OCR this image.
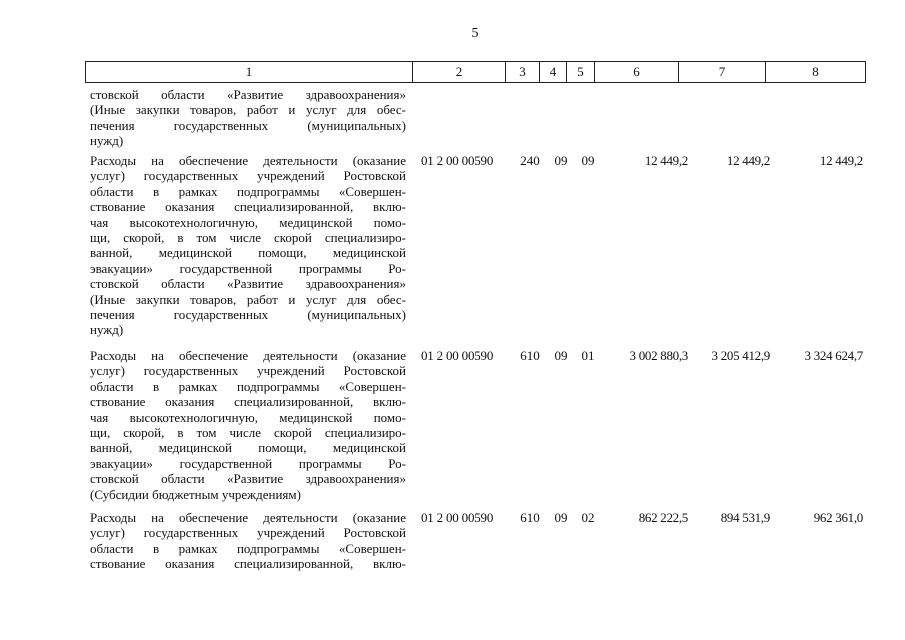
5
1	2	3	4	5	6	7	8
стовской области «Развитие здравоохранения»
(Иные закупки товаров, работ и услуг для обес-
печения государственных (муниципальных)
нужд)
Расходы на обеспечение деятельности (оказание
услуг) государственных учреждений Ростовской
области в рамках подпрограммы «Совершен-
ствование оказания специализированной, вклю-
чая высокотехнологичную, медицинской помо-
щи, скорой, в том числе скорой специализиро-
ванной, медицинской помощи, медицинской
эвакуации» государственной программы Ро-
стовской области «Развитие здравоохранения»
(Иные закупки товаров, работ и услуг для обес-
печения государственных (муниципальных)
нужд)
01 2 00 00590	240	09 09	12 449,2	12 449,2	12 449,2
Расходы на обеспечение деятельности (оказание
услуг) государственных учреждений Ростовской
области в рамках подпрограммы «Совершен-
ствование оказания специализированной, вклю-
чая высокотехнологичную, медицинской помо-
щи, скорой, в том числе скорой специализиро-
ванной, медицинской помощи, медицинской
эвакуации» государственной программы Ро-
стовской области «Развитие здравоохранения»
(Субсидии бюджетным учреждениям)
01 2 00 00590	610	09 01	3 002 880,3	3 205 412,9	3 324 624,7
Расходы на обеспечение деятельности (оказание
услуг) государственных учреждений Ростовской
области в рамках подпрограммы «Совершен-
ствование оказания специализированной, вклю-
01 2 00 00590	610	09 02	862 222,5	894 531,9	962 361,0
